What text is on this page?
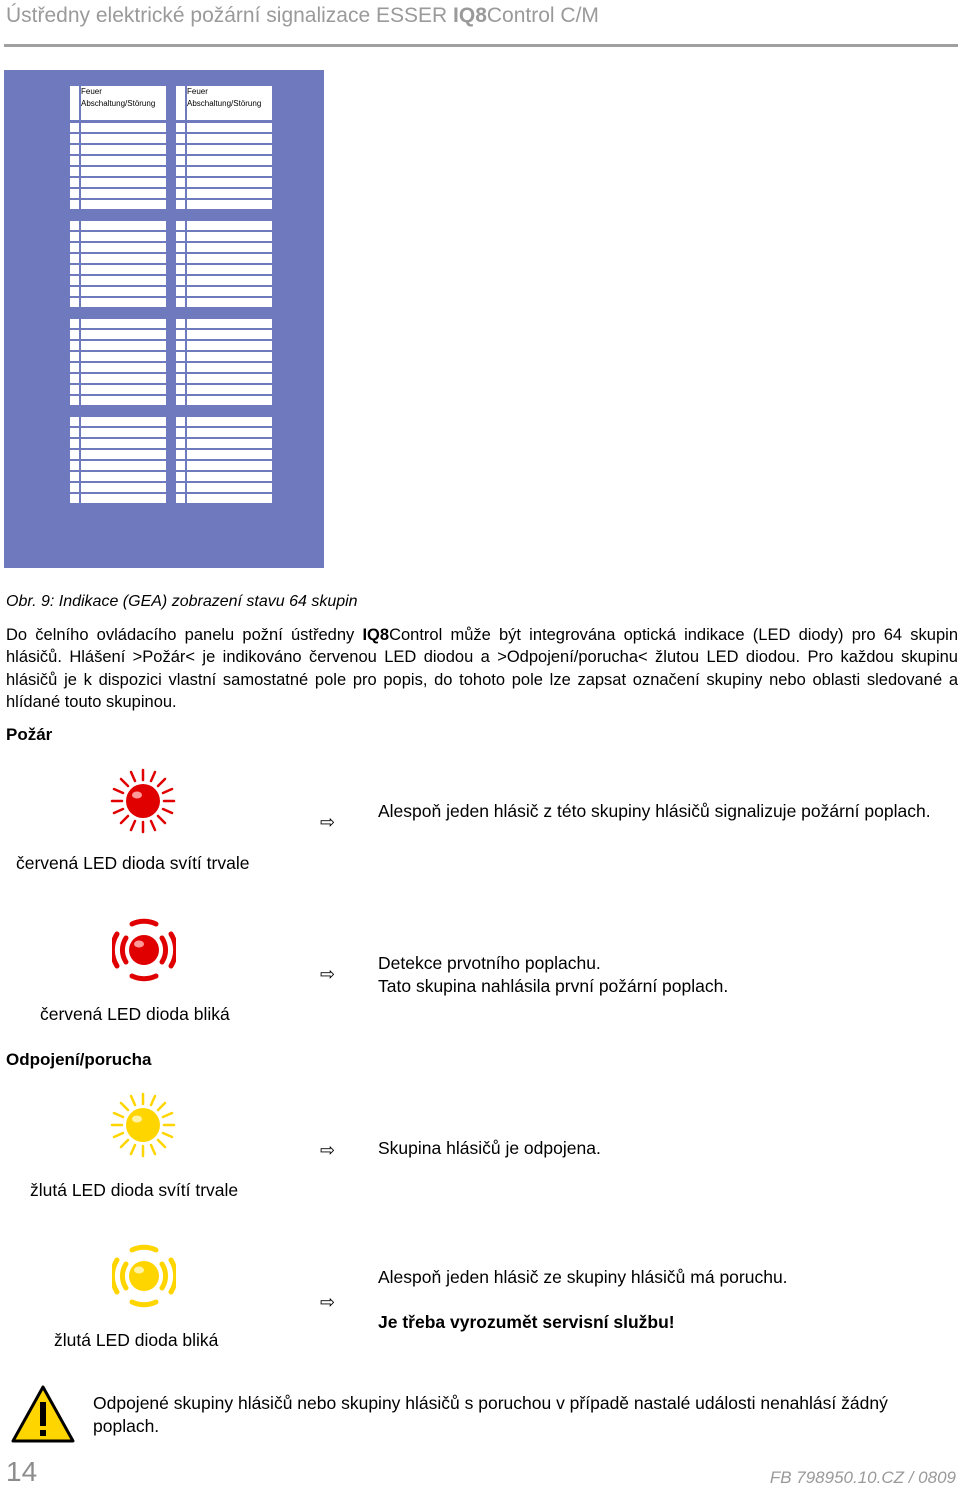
Ústředny elektrické požární signalizace ESSER IQ8Control C/M
Feuer
Abschaltung/Störung
Feuer
Abschaltung/Störung
Obr. 9: Indikace (GEA) zobrazení stavu 64 skupin
Do čelního ovládacího panelu požní ústředny IQ8Control může být integrována optická indikace (LED diody) pro 64 skupin hlásičů. Hlášení >Požár< je indikováno červenou LED diodou a >Odpojení/porucha< žlutou LED diodou. Pro každou skupinu hlásičů je k dispozici vlastní samostatné pole pro popis, do tohoto pole lze zapsat označení skupiny nebo oblasti sledované a hlídané touto skupinou.
Požár
červená LED dioda svítí trvale
⇨
Alespoň jeden hlásič z této skupiny hlásičů signalizuje požární poplach.
červená LED dioda bliká
⇨
Detekce prvotního poplachu.
Tato skupina nahlásila první požární poplach.
Odpojení/porucha
žlutá LED dioda svítí trvale
⇨ Skupina hlásičů je odpojena.
žlutá LED dioda bliká
⇨
Alespoň jeden hlásič ze skupiny hlásičů má poruchu.
Je třeba vyrozumět servisní službu!
Odpojené skupiny hlásičů nebo skupiny hlásičů s poruchou v případě nastalé události nenahlásí žádný poplach.
14	FB 798950.10.CZ / 0809
